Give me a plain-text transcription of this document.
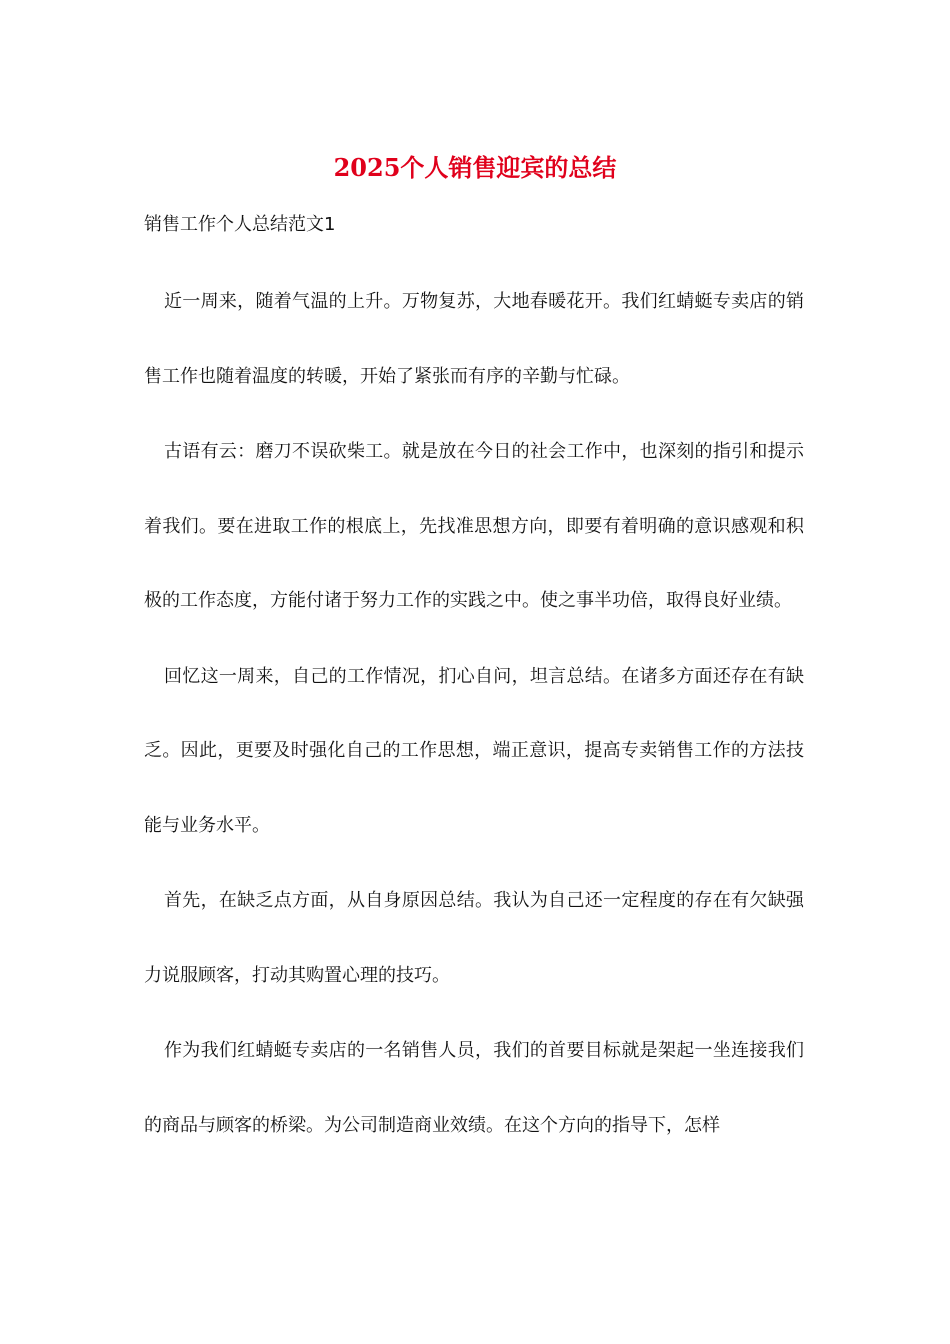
2025个人销售迎宾的总结

销售工作个人总结范文1

近一周来，随着气温的上升。万物复苏，大地春暖花开。我们红蜻蜓专卖店的销售工作也随着温度的转暖，开始了紧张而有序的辛勤与忙碌。

古语有云：磨刀不误砍柴工。就是放在今日的社会工作中，也深刻的指引和提示着我们。要在进取工作的根底上，先找准思想方向，即要有着明确的意识感观和积极的工作态度，方能付诸于努力工作的实践之中。使之事半功倍，取得良好业绩。

回忆这一周来，自己的工作情况，扪心自问，坦言总结。在诸多方面还存在有缺乏。因此，更要及时强化自己的工作思想，端正意识，提高专卖销售工作的方法技能与业务水平。

首先，在缺乏点方面，从自身原因总结。我认为自己还一定程度的存在有欠缺强力说服顾客，打动其购置心理的技巧。

作为我们红蜻蜓专卖店的一名销售人员，我们的首要目标就是架起一坐连接我们的商品与顾客的桥梁。为公司制造商业效绩。在这个方向的指导下，怎样
